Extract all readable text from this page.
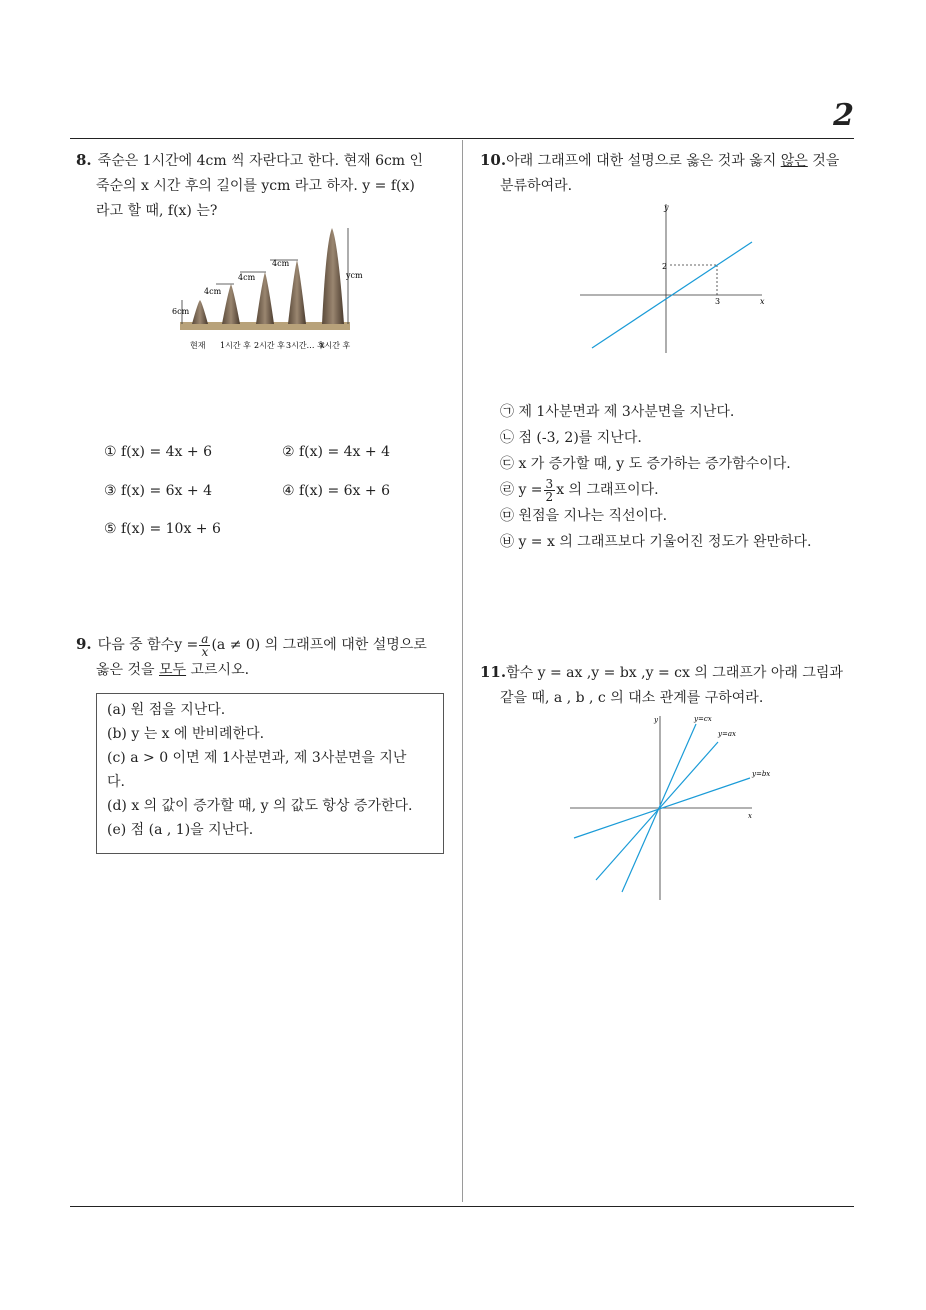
2
8. 죽순은 1시간에 4cm 씩 자란다고 한다. 현재 6cm 인
죽순의 x 시간 후의 길이를 ycm 라고 하자. y = f(x)
라고 할 때, f(x) 는?
6cm
4cm
4cm
4cm
ycm
현재 1시간 후 2시간 후 3시간… 후
x시간 후
① f(x) = 4x + 6	② f(x) = 4x + 4
③ f(x) = 6x + 4	④ f(x) = 6x + 6
⑤ f(x) = 10x + 6
9. 다음 중 함수$y = \frac{a}{x} (a \ne 0)$ 의 그래프에 대한 설명으로
옳은 것을 모두 고르시오.
(a) 원 점을 지난다.
(b) y 는 x 에 반비례한다.
(c) a > 0 이면 제 1사분면과, 제 3사분면을 지난
다.
(d) x 의 값이 증가할 때, y 의 값도 항상 증가한다.
(e) 점 (a , 1)을 지난다.
10.아래 그래프에 대한 설명으로 옳은 것과 옳지 않은 것을
분류하여라.
y
x
2
3
㉠ 제 1사분면과 제 3사분면을 지난다.
㉡ 점 (-3, 2)를 지난다.
㉢ x 가 증가할 때, y 도 증가하는 증가함수이다.
㉣ $y = \frac{3}{2}$ x 의 그래프이다.
㉤ 원점을 지나는 직선이다.
㉥ y = x 의 그래프보다 기울어진 정도가 완만하다.
11.함수 y = ax ,y = bx ,y = cx 의 그래프가 아래 그림과
같을 때, a , b , c 의 대소 관계를 구하여라.
y
x
y=cx
y=ax
y=bx
